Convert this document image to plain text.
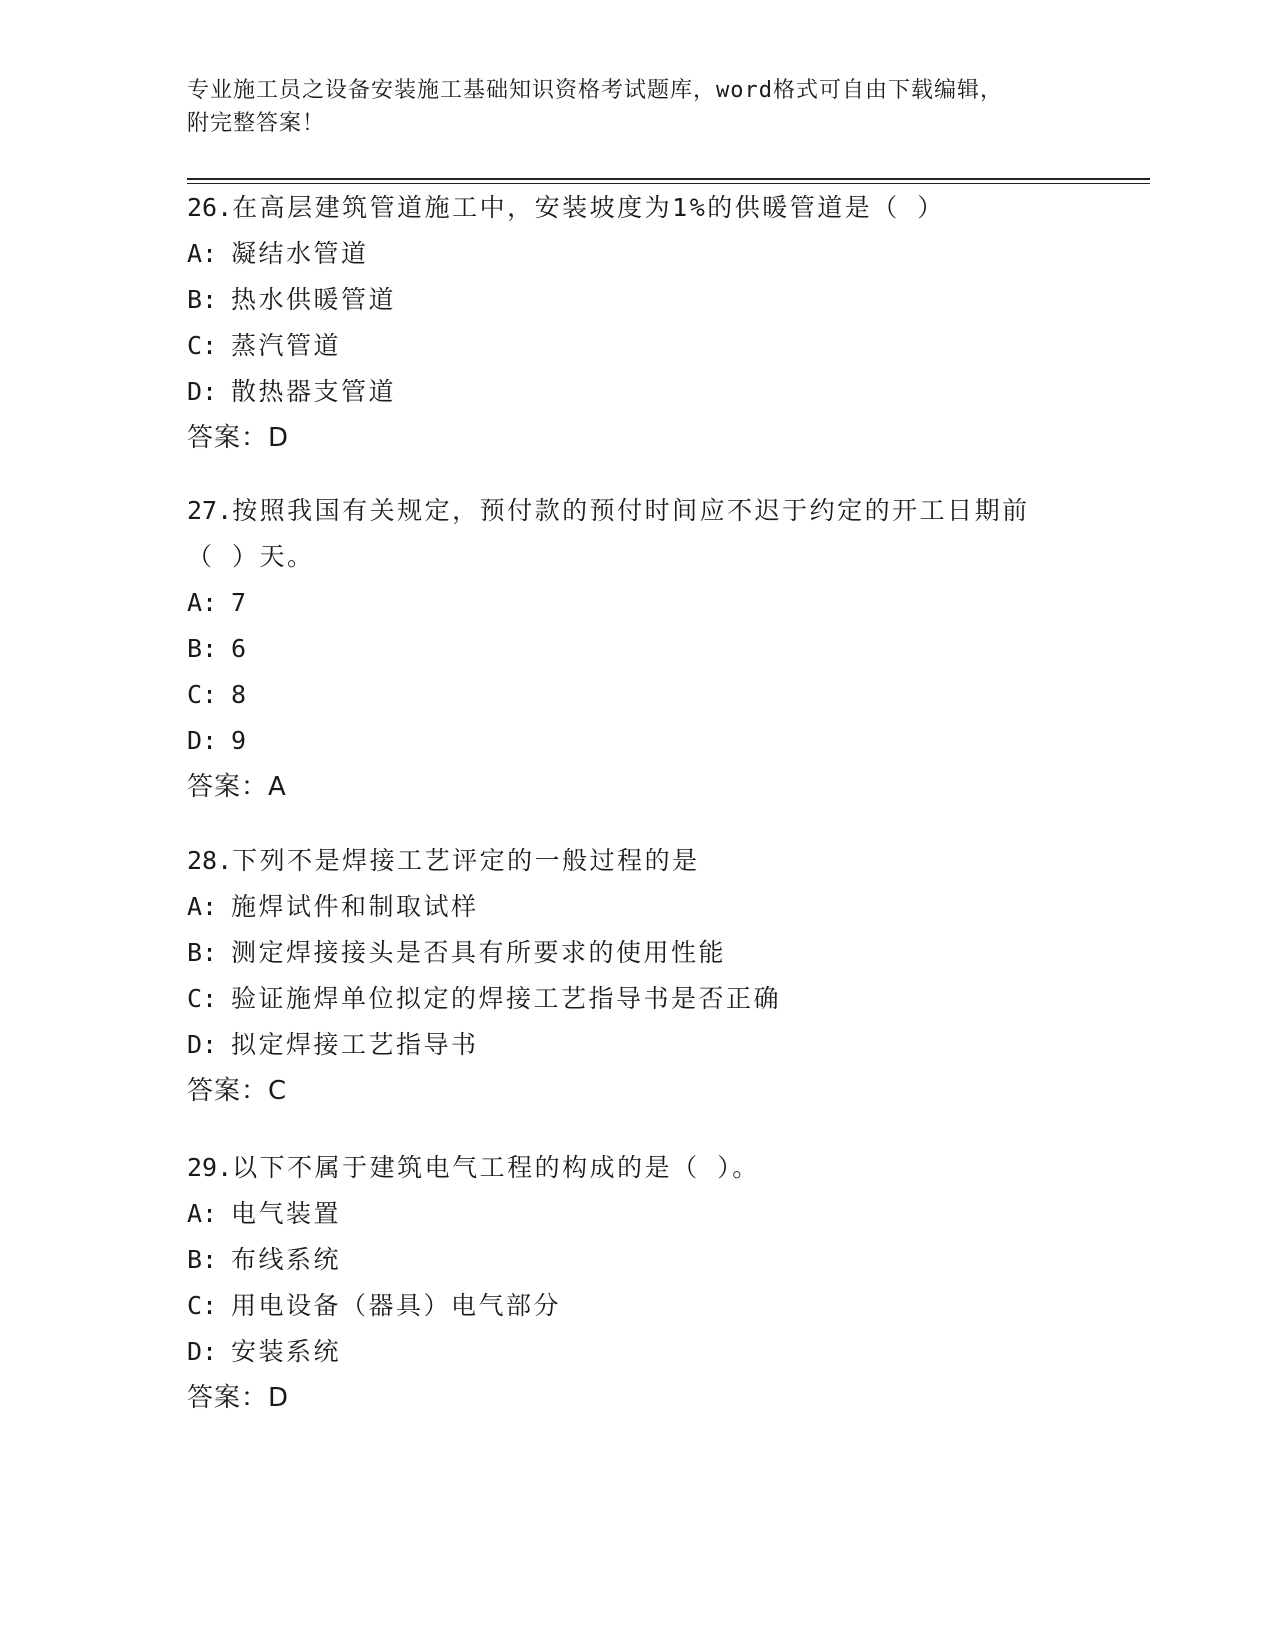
专业施工员之设备安装施工基础知识资格考试题库，word格式可自由下载编辑，
附完整答案！

26.在高层建筑管道施工中，安装坡度为1%的供暖管道是（ ）

A: 凝结水管道

B: 热水供暖管道

C: 蒸汽管道

D: 散热器支管道

答案：D

27.按照我国有关规定，预付款的预付时间应不迟于约定的开工日期前（ ）天。

A: 7

B: 6

C: 8

D: 9

答案：A

28.下列不是焊接工艺评定的一般过程的是

A: 施焊试件和制取试样

B: 测定焊接接头是否具有所要求的使用性能

C: 验证施焊单位拟定的焊接工艺指导书是否正确

D: 拟定焊接工艺指导书

答案：C

29.以下不属于建筑电气工程的构成的是（ ）。

A: 电气装置

B: 布线系统

C: 用电设备（器具）电气部分

D: 安装系统

答案：D
